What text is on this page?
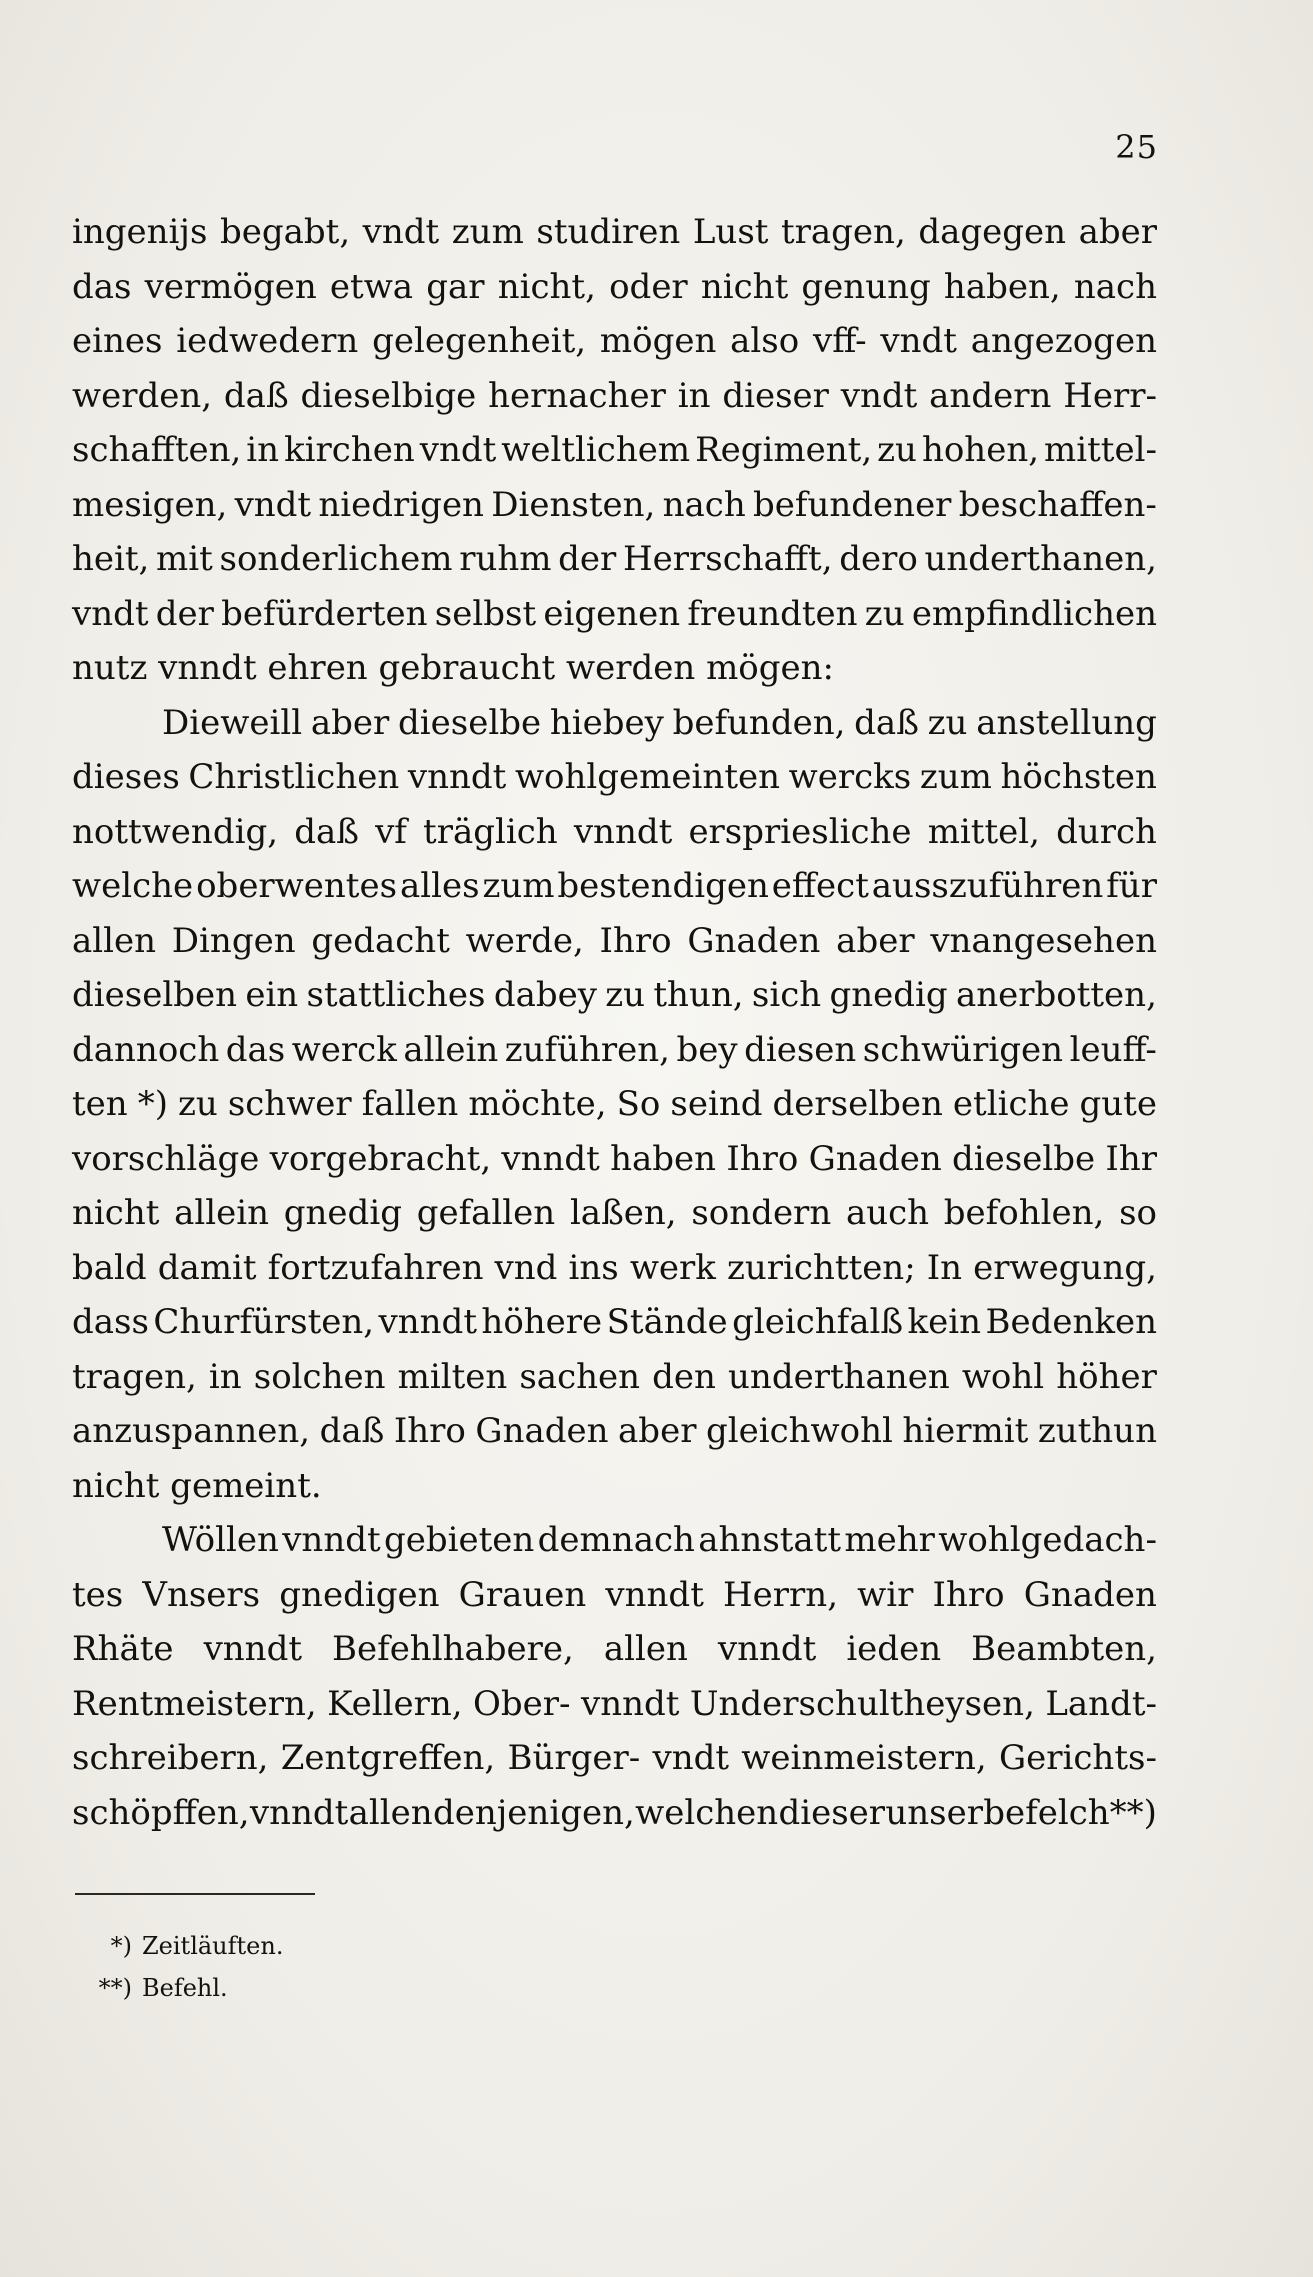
25
ingenijs begabt, vndt zum studiren Lust tragen, dagegen aber
das vermögen etwa gar nicht, oder nicht genung haben, nach
eines iedwedern gelegenheit, mögen also vff- vndt angezogen
werden, daß dieselbige hernacher in dieser vndt andern Herr-
schafften, in kirchen vndt weltlichem Regiment, zu hohen, mittel-
mesigen, vndt niedrigen Diensten, nach befundener beschaffen-
heit, mit sonderlichem ruhm der Herrschafft, dero underthanen,
vndt der befürderten selbst eigenen freundten zu empfindlichen
nutz vnndt ehren gebraucht werden mögen:
Dieweill aber dieselbe hiebey befunden, daß zu anstellung
dieses Christlichen vnndt wohlgemeinten wercks zum höchsten
nottwendig, daß vf träglich vnndt erspriesliche mittel, durch
welche oberwentes alles zum bestendigen effect ausszuführen für
allen Dingen gedacht werde, Ihro Gnaden aber vnangesehen
dieselben ein stattliches dabey zu thun, sich gnedig anerbotten,
dannoch das werck allein zuführen, bey diesen schwürigen leuff-
ten *) zu schwer fallen möchte, So seind derselben etliche gute
vorschläge vorgebracht, vnndt haben Ihro Gnaden dieselbe Ihr
nicht allein gnedig gefallen laßen, sondern auch befohlen, so
bald damit fortzufahren vnd ins werk zurichtten; In erwegung,
dass Churfürsten, vnndt höhere Stände gleichfalß kein Bedenken
tragen, in solchen milten sachen den underthanen wohl höher
anzuspannen, daß Ihro Gnaden aber gleichwohl hiermit zuthun
nicht gemeint.
Wöllen vnndt gebieten demnach ahnstatt mehr wohlgedach-
tes Vnsers gnedigen Grauen vnndt Herrn, wir Ihro Gnaden
Rhäte vnndt Befehlhabere, allen vnndt ieden Beambten,
Rentmeistern, Kellern, Ober- vnndt Underschultheysen, Landt-
schreibern, Zentgreffen, Bürger- vndt weinmeistern, Gerichts-
schöpffen, vnndt allen denjenigen, welchen dieser unser befelch**)
*) Zeitläuften.
**) Befehl.
